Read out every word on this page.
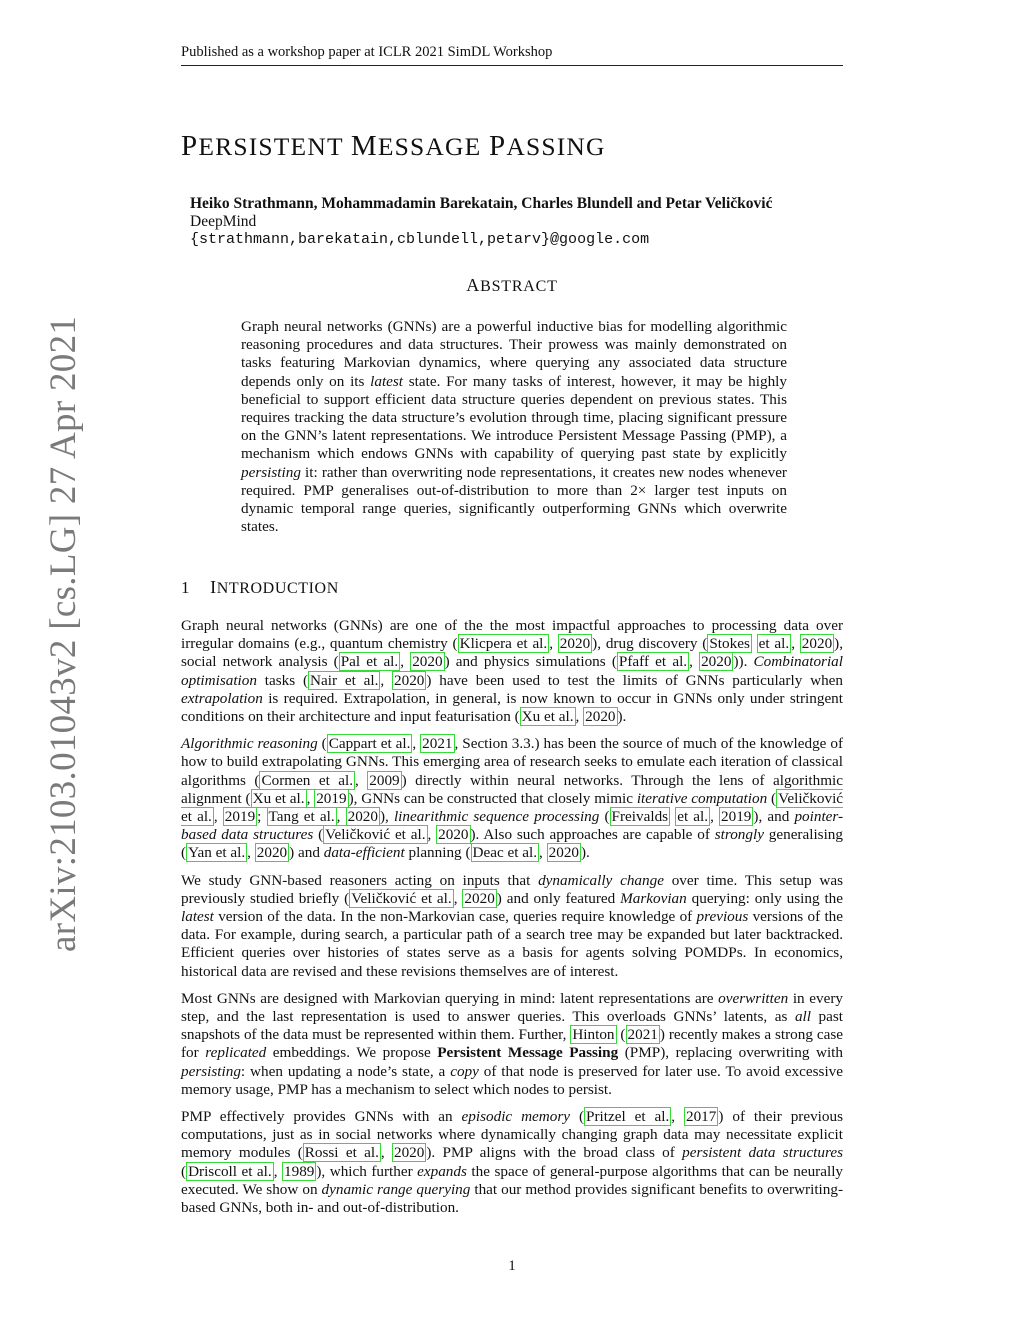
Published as a workshop paper at ICLR 2021 SimDL Workshop
arXiv:2103.01043v2 [cs.LG] 27 Apr 2021
PERSISTENT MESSAGE PASSING
Heiko Strathmann, Mohammadamin Barekatain, Charles Blundell and Petar Veličković
DeepMind
{strathmann,barekatain,cblundell,petarv}@google.com
ABSTRACT
Graph neural networks (GNNs) are a powerful inductive bias for modelling algorithmic reasoning procedures and data structures. Their prowess was mainly demonstrated on tasks featuring Markovian dynamics, where querying any associated data structure depends only on its latest state. For many tasks of interest, however, it may be highly beneficial to support efficient data structure queries dependent on previous states. This requires tracking the data structure’s evolution through time, placing significant pressure on the GNN’s latent representations. We introduce Persistent Message Passing (PMP), a mechanism which endows GNNs with capability of querying past state by explicitly persisting it: rather than overwriting node representations, it creates new nodes whenever required. PMP generalises out-of-distribution to more than 2× larger test inputs on dynamic temporal range queries, significantly outperforming GNNs which overwrite states.
1 INTRODUCTION

Graph neural networks (GNNs) are one of the the most impactful approaches to processing data over irregular domains (e.g., quantum chemistry ( Klicpera et al. , 2020 ), drug discovery ( Stokes et al. , 2020 ), social network analysis ( Pal et al. , 2020 ) and physics simulations ( Pfaff et al. , 2020 )). Combinatorial optimisation tasks ( Nair et al. , 2020 ) have been used to test the limits of GNNs particularly when extrapolation is required. Extrapolation, in general, is now known to occur in GNNs only under stringent conditions on their architecture and input featurisation ( Xu et al. , 2020 ).

Algorithmic reasoning ( Cappart et al. , 2021 , Section 3.3.) has been the source of much of the knowledge of how to build extrapolating GNNs. This emerging area of research seeks to emulate each iteration of classical algorithms ( Cormen et al. , 2009 ) directly within neural networks. Through the lens of algorithmic alignment ( Xu et al. , 2019 ), GNNs can be constructed that closely mimic iterative computation ( Veličković et al. , 2019 ; Tang et al. , 2020 ), linearithmic sequence processing ( Freivalds et al. , 2019 ), and pointer-based data structures ( Veličković et al. , 2020 ). Also such approaches are capable of strongly generalising ( Yan et al. , 2020 ) and data-efficient planning ( Deac et al. , 2020 ).

We study GNN-based reasoners acting on inputs that dynamically change over time. This setup was previously studied briefly ( Veličković et al. , 2020 ) and only featured Markovian querying: only using the latest version of the data. In the non-Markovian case, queries require knowledge of previous versions of the data. For example, during search, a particular path of a search tree may be expanded but later backtracked. Efficient queries over histories of states serve as a basis for agents solving POMDPs. In economics, historical data are revised and these revisions themselves are of interest.

Most GNNs are designed with Markovian querying in mind: latent representations are overwritten in every step, and the last representation is used to answer queries. This overloads GNNs’ latents, as all past snapshots of the data must be represented within them. Further, Hinton ( 2021 ) recently makes a strong case for replicated embeddings. We propose Persistent Message Passing (PMP), replacing overwriting with persisting: when updating a node’s state, a copy of that node is preserved for later use. To avoid excessive memory usage, PMP has a mechanism to select which nodes to persist.

PMP effectively provides GNNs with an episodic memory ( Pritzel et al. , 2017 ) of their previous computations, just as in social networks where dynamically changing graph data may necessitate explicit memory modules ( Rossi et al. , 2020 ). PMP aligns with the broad class of persistent data structures ( Driscoll et al. , 1989 ), which further expands the space of general-purpose algorithms that can be neurally executed. We show on dynamic range querying that our method provides significant benefits to overwriting-based GNNs, both in- and out-of-distribution.

1
